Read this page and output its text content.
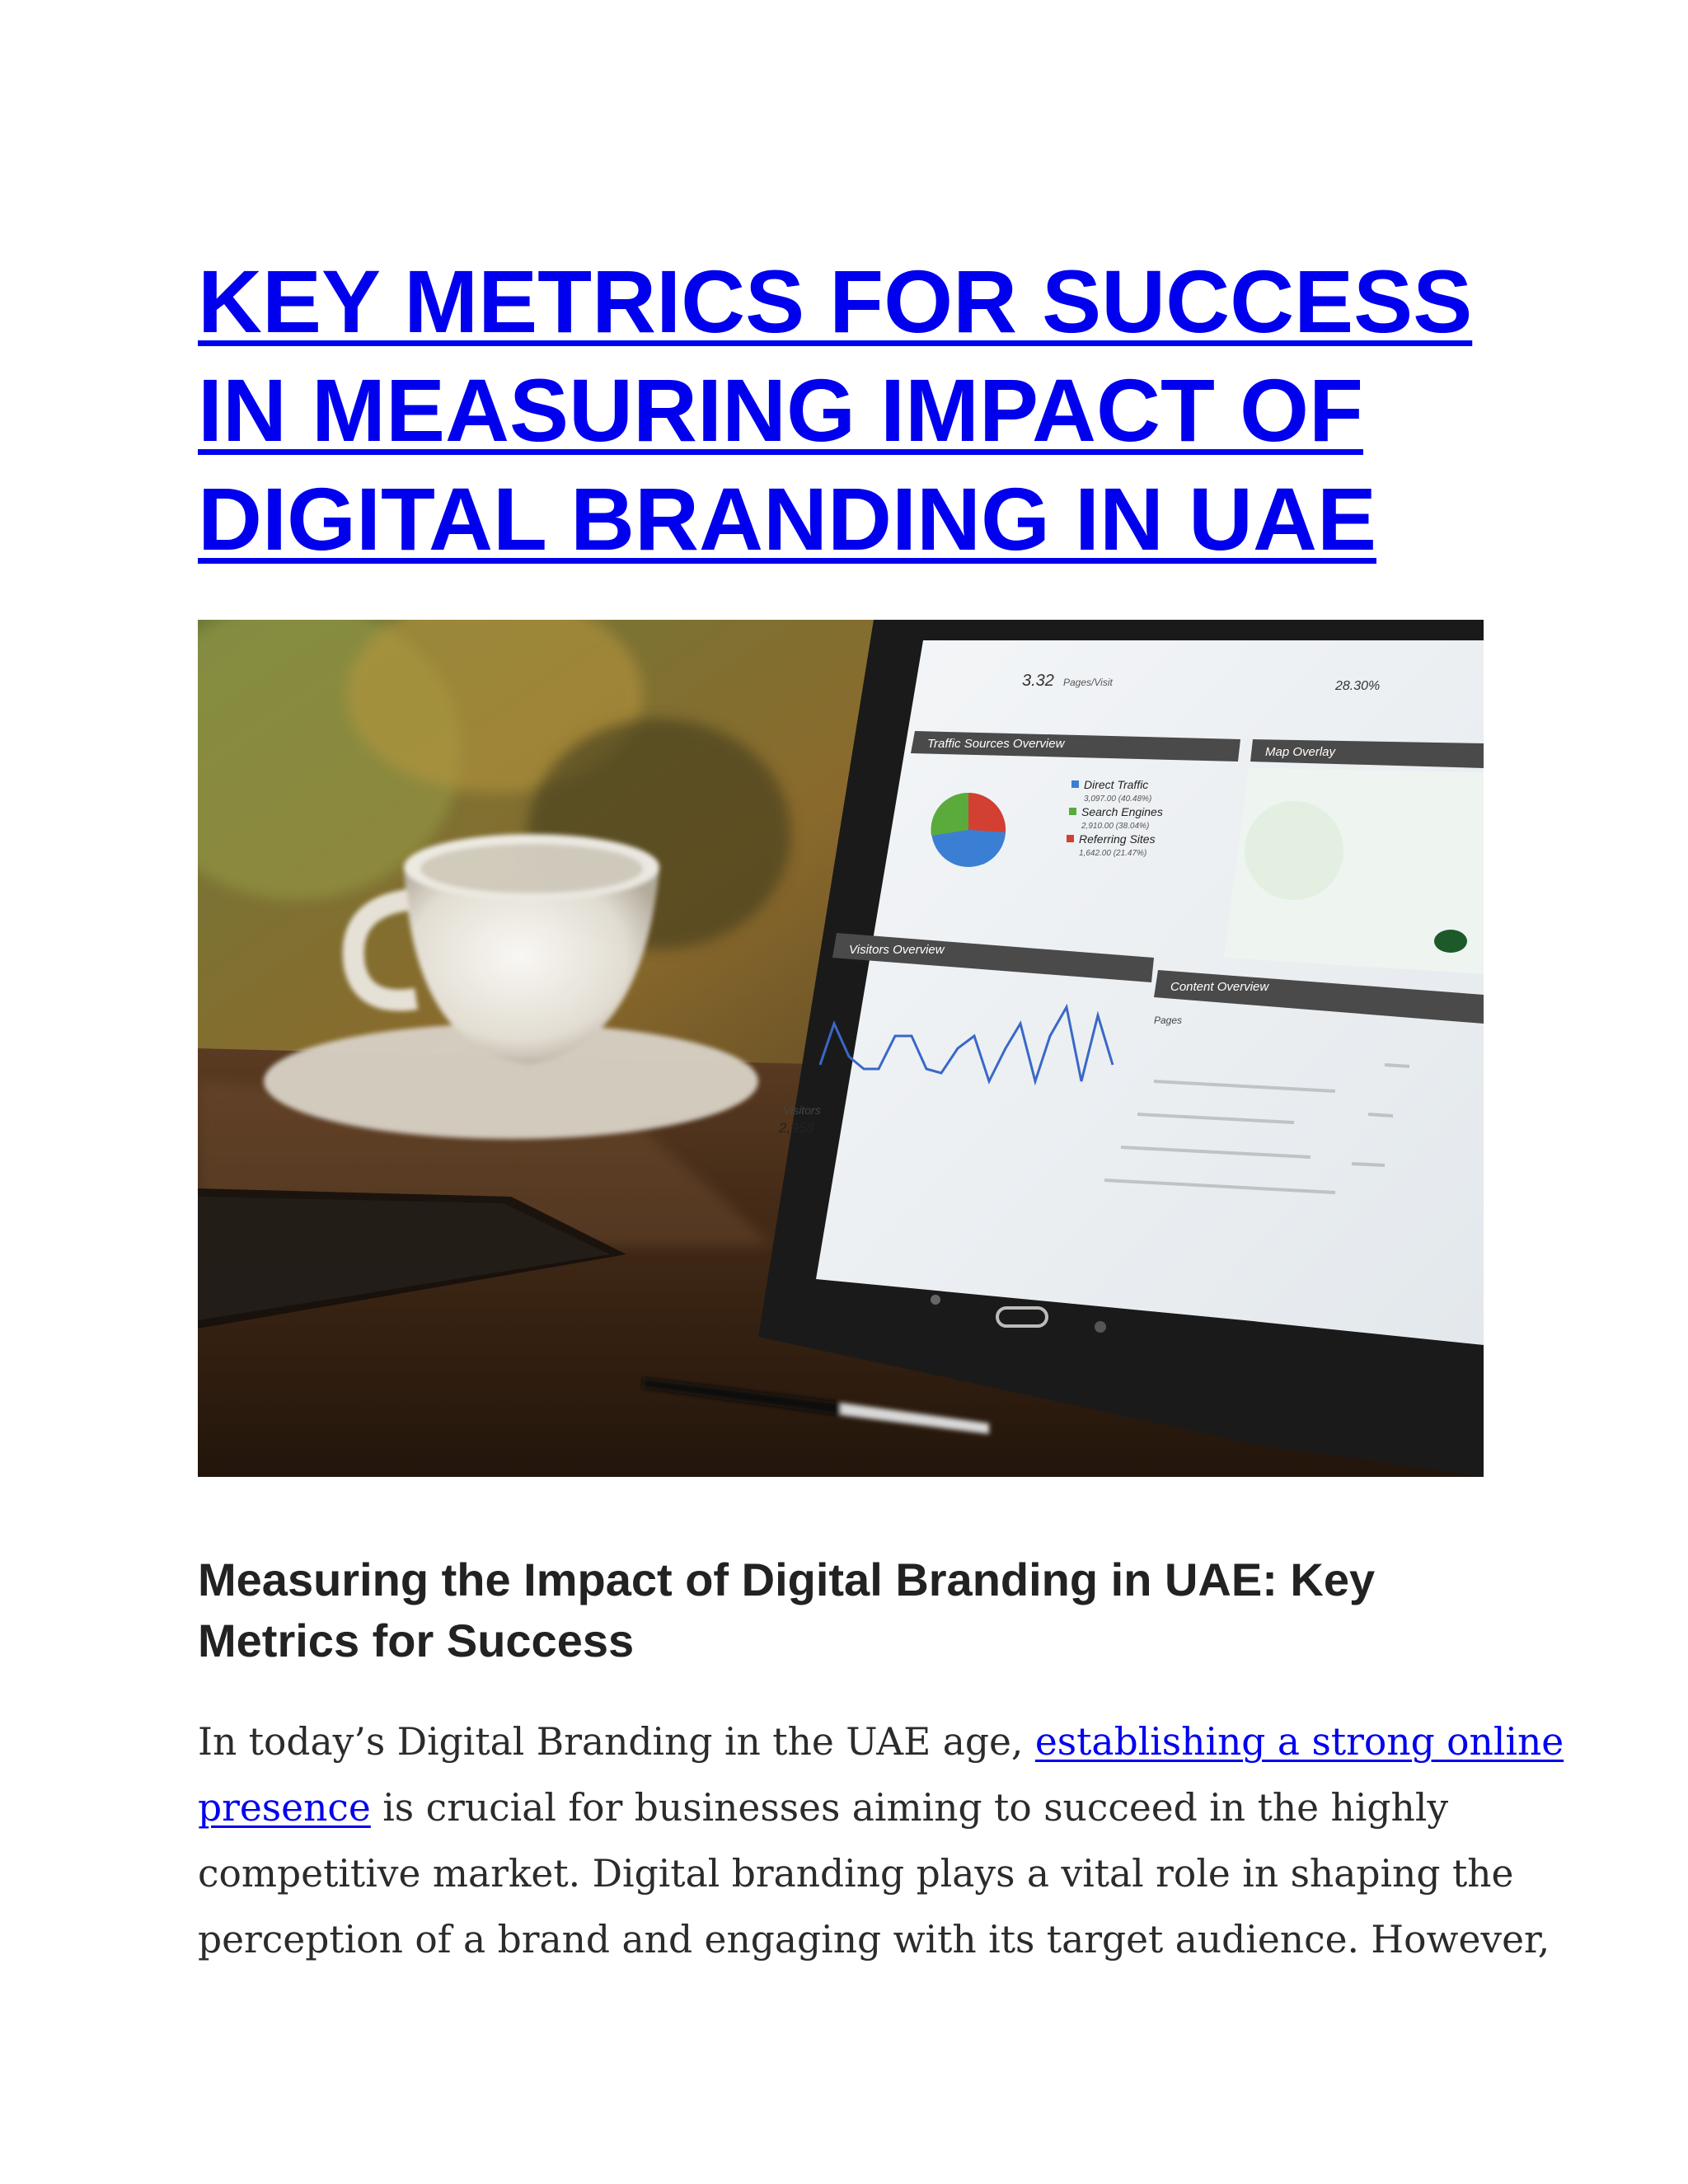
KEY METRICS FOR SUCCESS
IN MEASURING IMPACT OF
DIGITAL BRANDING IN UAE
3.32 Pages/Visit	28.30%
Traffic Sources Overview
Map Overlay
Direct Traffic
3,097.00 (40.48%)
Search Engines
2,910.00 (38.04%)
Referring Sites
1,642.00 (21.47%)
Visitors Overview
Visitors
2,958
Content Overview
Pages
Measuring the Impact of Digital Branding in UAE: Key Metrics for Success

In today’s Digital Branding in the UAE age, establishing a strong online
presence is crucial for businesses aiming to succeed in the highly
competitive market. Digital branding plays a vital role in shaping the
perception of a brand and engaging with its target audience. However,
